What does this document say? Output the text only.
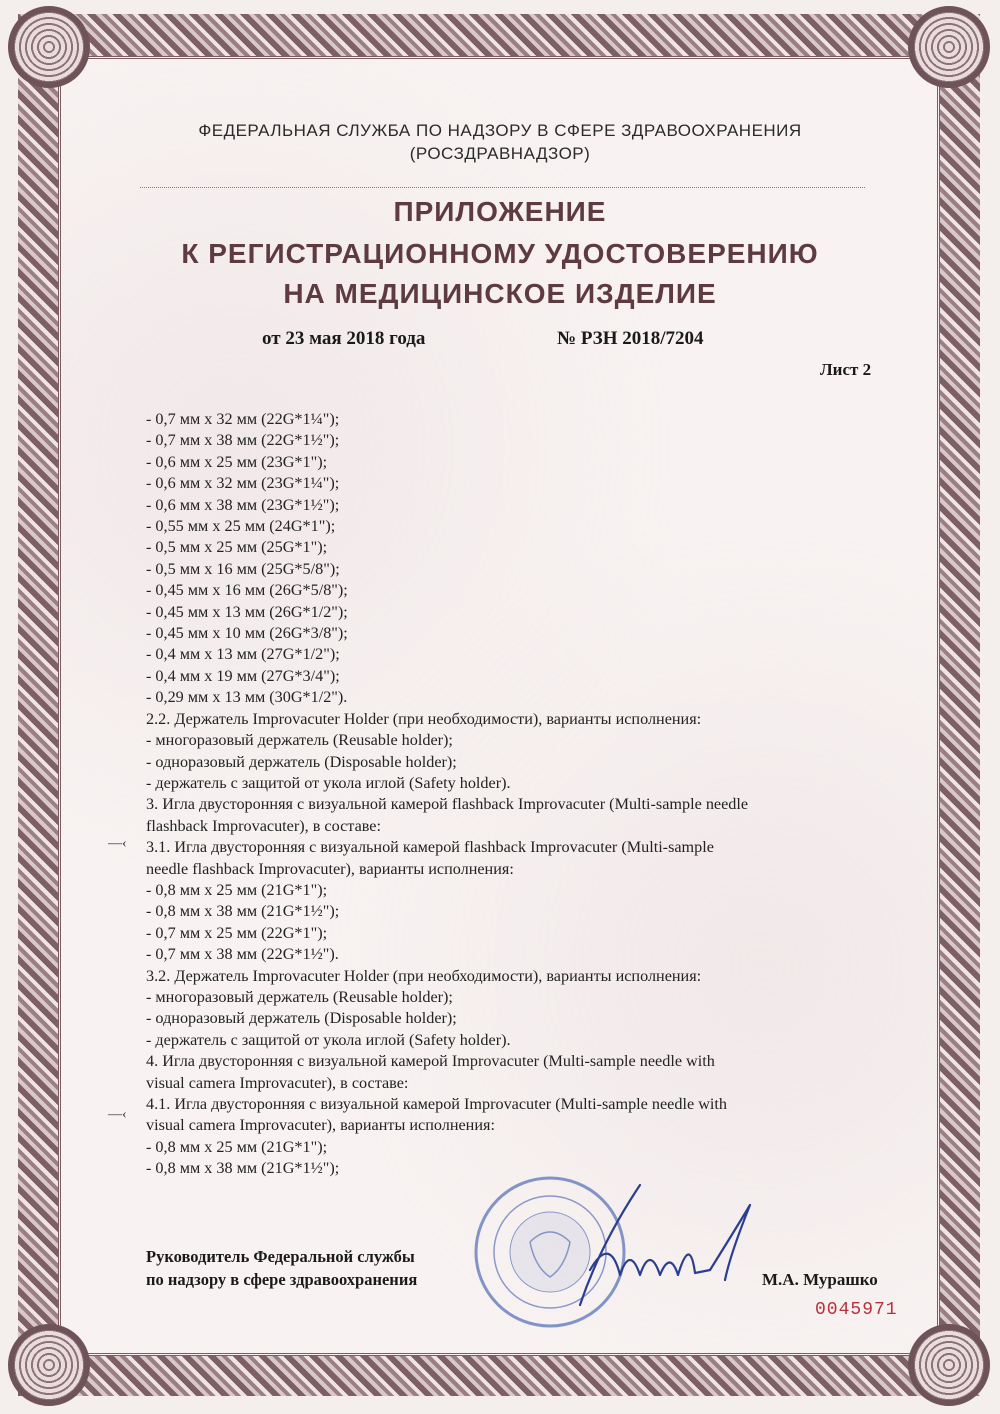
ФЕДЕРАЛЬНАЯ СЛУЖБА ПО НАДЗОРУ В СФЕРЕ ЗДРАВООХРАНЕНИЯ
(РОСЗДРАВНАДЗОР)
ПРИЛОЖЕНИЕ
К РЕГИСТРАЦИОННОМУ УДОСТОВЕРЕНИЮ
НА МЕДИЦИНСКОЕ ИЗДЕЛИЕ
от 23 мая 2018 года	№ РЗН 2018/7204
Лист 2
- 0,7 мм х 32 мм (22G*1¼");
- 0,7 мм х 38 мм (22G*1½");
- 0,6 мм х 25 мм (23G*1");
- 0,6 мм х 32 мм (23G*1¼");
- 0,6 мм х 38 мм (23G*1½");
- 0,55 мм х 25 мм (24G*1");
- 0,5 мм х 25 мм (25G*1");
- 0,5 мм х 16 мм (25G*5/8");
- 0,45 мм х 16 мм (26G*5/8");
- 0,45 мм х 13 мм (26G*1/2");
- 0,45 мм х 10 мм (26G*3/8");
- 0,4 мм х 13 мм (27G*1/2");
- 0,4 мм х 19 мм (27G*3/4");
- 0,29 мм х 13 мм (30G*1/2").
2.2. Держатель Improvacuter Holder (при необходимости), варианты исполнения:
- многоразовый держатель (Reusable holder);
- одноразовый держатель (Disposable holder);
- держатель с защитой от укола иглой (Safety holder).
3. Игла двусторонняя с визуальной камерой flashback Improvacuter (Multi-sample needle
flashback Improvacuter), в составе:
3.1. Игла двусторонняя с визуальной камерой flashback Improvacuter (Multi-sample
needle flashback Improvacuter), варианты исполнения:
- 0,8 мм х 25 мм (21G*1");
- 0,8 мм х 38 мм (21G*1½");
- 0,7 мм х 25 мм (22G*1");
- 0,7 мм х 38 мм (22G*1½").
3.2. Держатель Improvacuter Holder (при необходимости), варианты исполнения:
- многоразовый держатель (Reusable holder);
- одноразовый держатель (Disposable holder);
- держатель с защитой от укола иглой (Safety holder).
4. Игла двусторонняя с визуальной камерой Improvacuter (Multi-sample needle with
visual camera Improvacuter), в составе:
4.1. Игла двусторонняя с визуальной камерой Improvacuter (Multi-sample needle with
visual camera Improvacuter), варианты исполнения:
- 0,8 мм х 25 мм (21G*1");
- 0,8 мм х 38 мм (21G*1½");
—‹
—‹
Руководитель Федеральной службы
по надзору в сфере здравоохранения	М.А. Мурашко
0045971
